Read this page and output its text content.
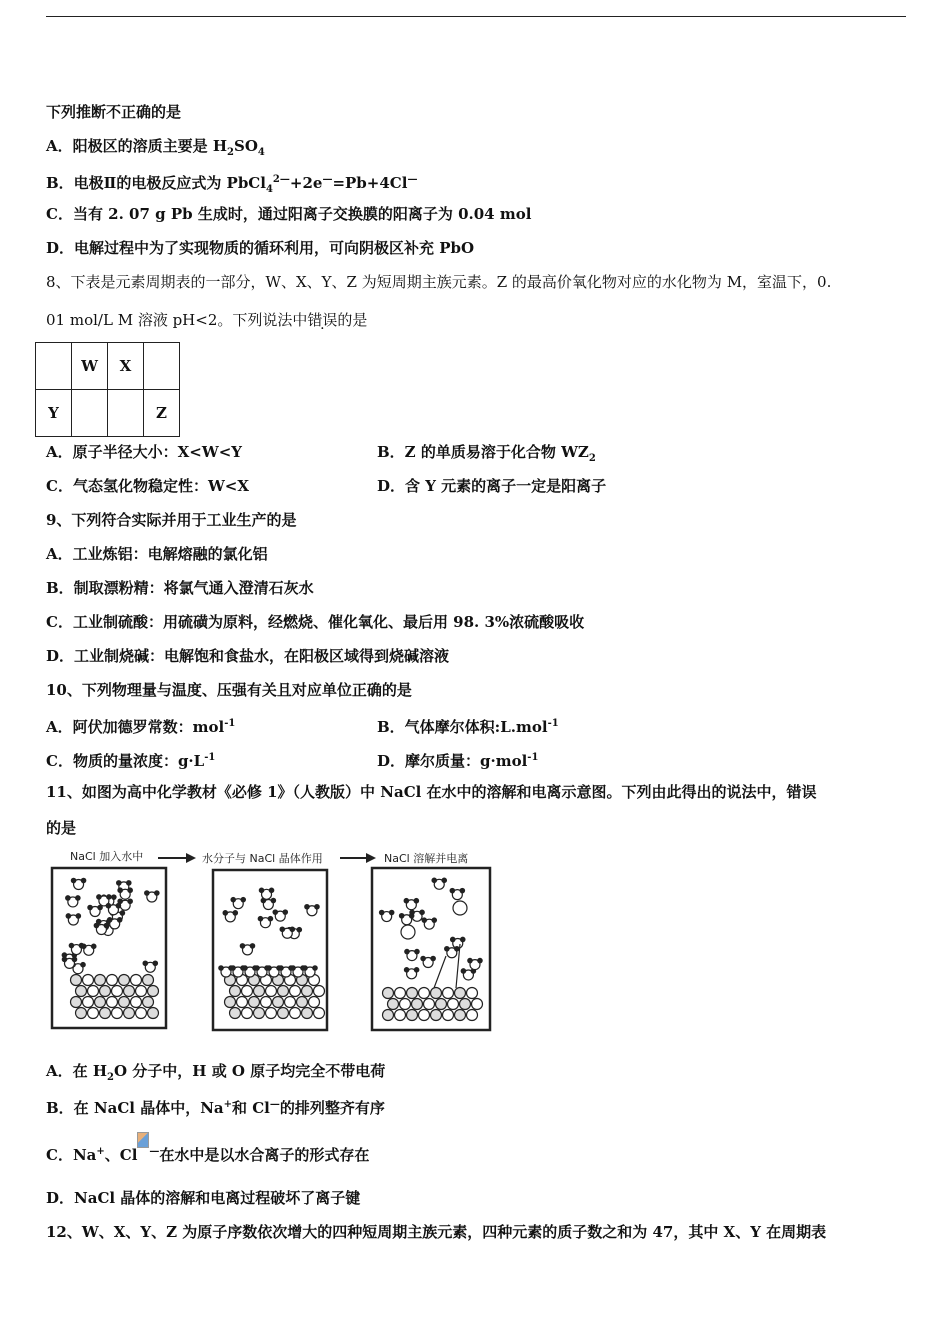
下列推断不正确的是
A．阳极区的溶质主要是 $H_2SO_4$
B．电极Ⅱ的电极反应式为 PbCl$_4^{2—}$+2e—=Pb+4Cl—
C．当有 2. 07 g Pb 生成时，通过阳离子交换膜的阳离子为 0.04 mol
D．电解过程中为了实现物质的循环利用，可向阴极区补充 PbO
8、下表是元素周期表的一部分，W、X、Y、Z 为短周期主族元素。Z 的最高价氧化物对应的水化物为 M，室温下，0.
01 mol/L M 溶液 pH<2。下列说法中错误的是
	W	X	
Y			Z
A．原子半径大小：X<W<Y	B．Z 的单质易溶于化合物 $WZ_2$
C．气态氢化物稳定性：W<X	D．含 Y 元素的离子一定是阳离子
9、下列符合实际并用于工业生产的是
A．工业炼铝：电解熔融的氯化铝
B．制取漂粉精：将氯气通入澄清石灰水
C．工业制硫酸：用硫磺为原料，经燃烧、催化氧化、最后用 98. 3%浓硫酸吸收
D．工业制烧碱：电解饱和食盐水，在阳极区域得到烧碱溶液
10、下列物理量与温度、压强有关且对应单位正确的是
A．阿伏加德罗常数：mol$^{-1}$	B．气体摩尔体积:L.mol$^{-1}$
C．物质的量浓度：$g\cdot L^{-1}$	D．摩尔质量：g·mol$^{-1}$
11、如图为高中化学教材《必修 1》（人教版）中 NaCl 在水中的溶解和电离示意图。下列由此得出的说法中，错误
的是
NaCl 加入水中	水分子与 NaCl 晶体作用	NaCl 溶解并电离
A．在 $H_2O$ 分子中，H 或 O 原子均完全不带电荷
B．在 NaCl 晶体中，Na+和 Cl—的排列整齐有序
C．Na+、Cl —在水中是以水合离子的形式存在
D．NaCl 晶体的溶解和电离过程破坏了离子键
12、W、X、Y、Z 为原子序数依次增大的四种短周期主族元素，四种元素的质子数之和为 47，其中 X、Y 在周期表
